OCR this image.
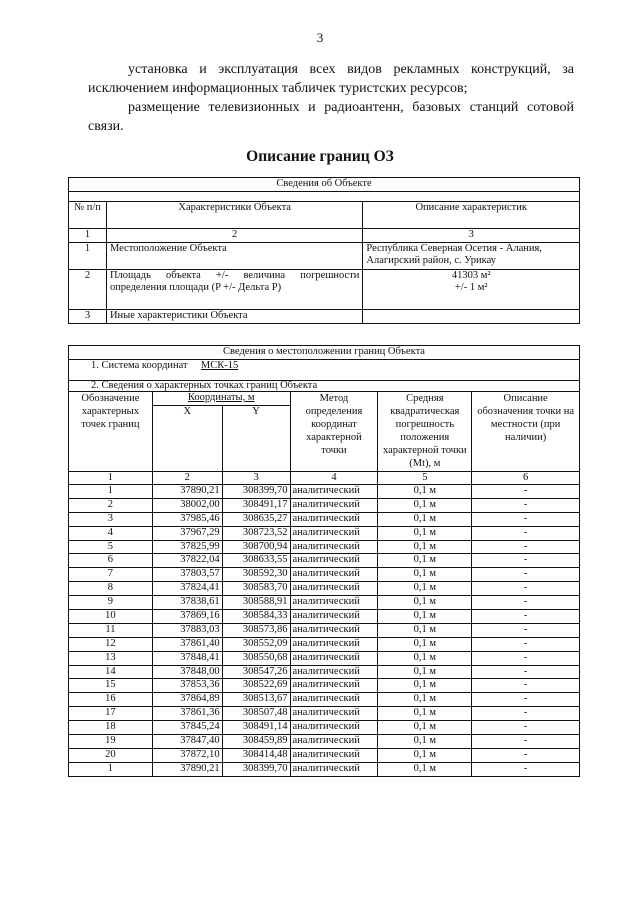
3

установка и эксплуатация всех видов рекламных конструкций, за исключением информационных табличек туристских ресурсов;

размещение телевизионных и радиоантенн, базовых станций сотовой связи.

Описание границ ОЗ
Сведения об Объекте		

№ п/п	Характеристики Объекта	Описание характеристик
1	2	3
1	Местоположение Объекта	Республика Северная Осетия - Алания, Алагирский район, с. Урикау
2	Площадь объекта +/- величина погрешности определения площади (P +/- Дельта P)	41303 м²
+/- 1 м²

3	Иные характеристики Объекта	
Сведения о местоположении границ Объекта					
1. Система координат МСК-15					
2. Сведения о характерных точках границ Объекта					
Обозначение характерных точек границ	Координаты, м		Метод определения координат характерной точки	Средняя квадратическая погрешность положения характерной точки (Mt), м	Описание обозначения точки на местности (при наличии)
	X	Y			
1	2	3	4	5	6
1	37890,21	308399,70	аналитический	0,1 м	-
2	38002,00	308491,17	аналитический	0,1 м	-
3	37985,46	308635,27	аналитический	0,1 м	-
4	37967,29	308723,52	аналитический	0,1 м	-
5	37825,99	308700,94	аналитический	0,1 м	-
6	37822,04	308633,55	аналитический	0,1 м	-
7	37803,57	308592,30	аналитический	0,1 м	-
8	37824,41	308583,70	аналитический	0,1 м	-
9	37838,61	308588,91	аналитический	0,1 м	-
10	37869,16	308584,33	аналитический	0,1 м	-
11	37883,03	308573,86	аналитический	0,1 м	-
12	37861,40	308552,09	аналитический	0,1 м	-
13	37848,41	308550,68	аналитический	0,1 м	-
14	37848,00	308547,26	аналитический	0,1 м	-
15	37853,36	308522,69	аналитический	0,1 м	-
16	37864,89	308513,67	аналитический	0,1 м	-
17	37861,36	308507,48	аналитический	0,1 м	-
18	37845,24	308491,14	аналитический	0,1 м	-
19	37847,40	308459,89	аналитический	0,1 м	-
20	37872,10	308414,48	аналитический	0,1 м	-
1	37890,21	308399,70	аналитический	0,1 м	-
